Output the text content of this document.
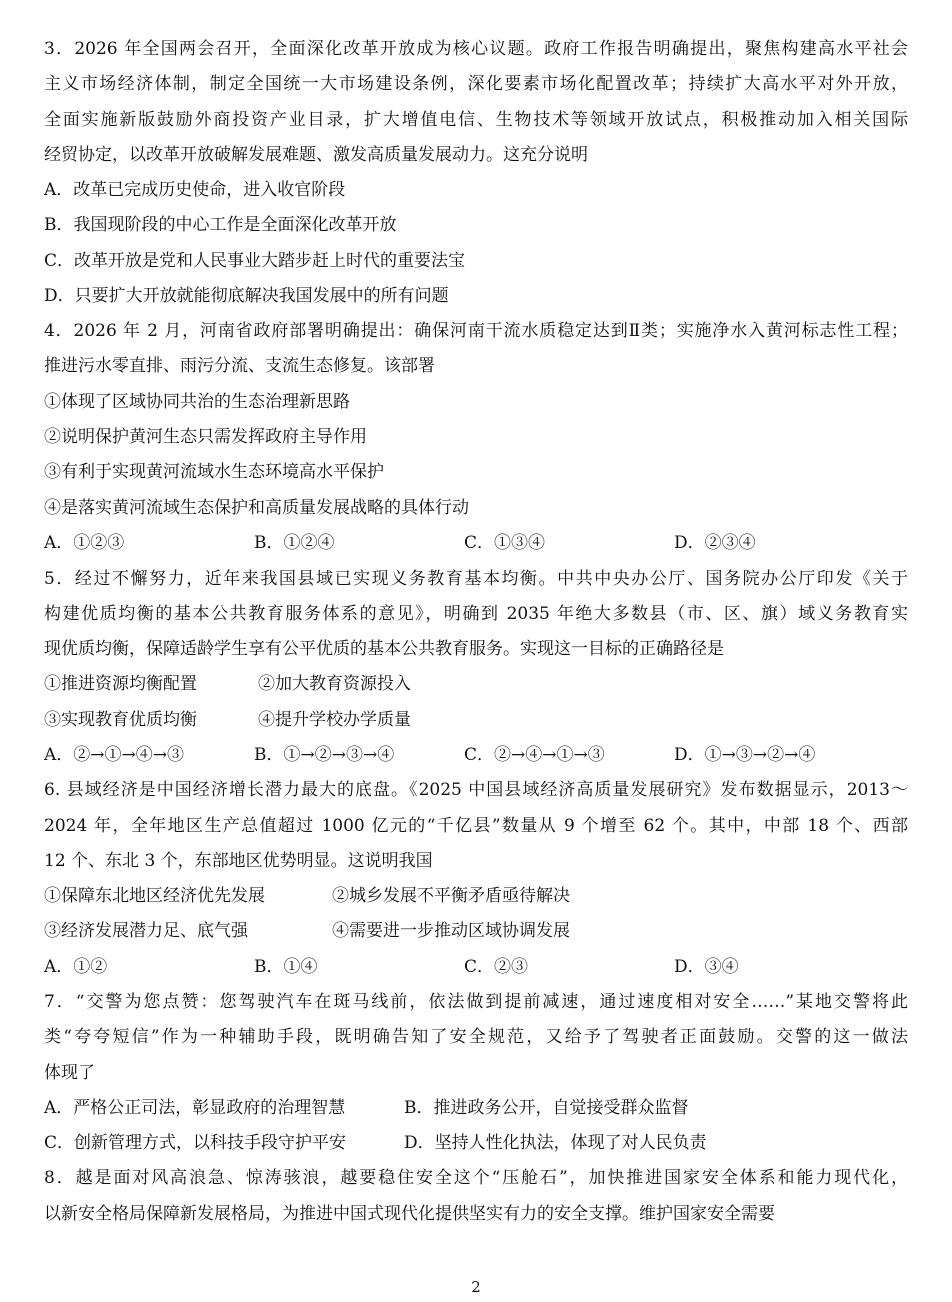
3．2026 年全国两会召开，全面深化改革开放成为核心议题。政府工作报告明确提出，聚焦构建高水平社会
主义市场经济体制，制定全国统一大市场建设条例，深化要素市场化配置改革；持续扩大高水平对外开放，
全面实施新版鼓励外商投资产业目录，扩大增值电信、生物技术等领域开放试点，积极推动加入相关国际
经贸协定，以改革开放破解发展难题、激发高质量发展动力。这充分说明
A．改革已完成历史使命，进入收官阶段
B．我国现阶段的中心工作是全面深化改革开放
C．改革开放是党和人民事业大踏步赶上时代的重要法宝
D．只要扩大开放就能彻底解决我国发展中的所有问题
4．2026 年 2 月，河南省政府部署明确提出：确保河南干流水质稳定达到Ⅱ类；实施净水入黄河标志性工程；
推进污水零直排、雨污分流、支流生态修复。该部署
①体现了区域协同共治的生态治理新思路
②说明保护黄河生态只需发挥政府主导作用
③有利于实现黄河流域水生态环境高水平保护
④是落实黄河流域生态保护和高质量发展战略的具体行动
A．①②③	B．①②④	C．①③④	D．②③④
5．经过不懈努力，近年来我国县域已实现义务教育基本均衡。中共中央办公厅、国务院办公厅印发《关于
构建优质均衡的基本公共教育服务体系的意见》，明确到 2035 年绝大多数县（市、区、旗）域义务教育实
现优质均衡，保障适龄学生享有公平优质的基本公共教育服务。实现这一目标的正确路径是
①推进资源均衡配置	②加大教育资源投入
③实现教育优质均衡	④提升学校办学质量
A．②→①→④→③	B．①→②→③→④	C．②→④→①→③	D．①→③→②→④
6. 县域经济是中国经济增长潜力最大的底盘。《2025 中国县域经济高质量发展研究》发布数据显示，2013～
2024 年，全年地区生产总值超过 1000 亿元的“千亿县”数量从 9 个增至 62 个。其中，中部 18 个、西部
12 个、东北 3 个，东部地区优势明显。这说明我国
①保障东北地区经济优先发展	②城乡发展不平衡矛盾亟待解决
③经济发展潜力足、底气强	④需要进一步推动区域协调发展
A．①②	B．①④	C．②③	D．③④
7．“交警为您点赞：您驾驶汽车在斑马线前，依法做到提前减速，通过速度相对安全……”某地交警将此
类“夸夸短信”作为一种辅助手段，既明确告知了安全规范，又给予了驾驶者正面鼓励。交警的这一做法
体现了
A．严格公正司法，彰显政府的治理智慧	B．推进政务公开，自觉接受群众监督
C．创新管理方式，以科技手段守护平安	D．坚持人性化执法，体现了对人民负责
8．越是面对风高浪急、惊涛骇浪，越要稳住安全这个“压舱石”，加快推进国家安全体系和能力现代化，
以新安全格局保障新发展格局，为推进中国式现代化提供坚实有力的安全支撑。维护国家安全需要
2
